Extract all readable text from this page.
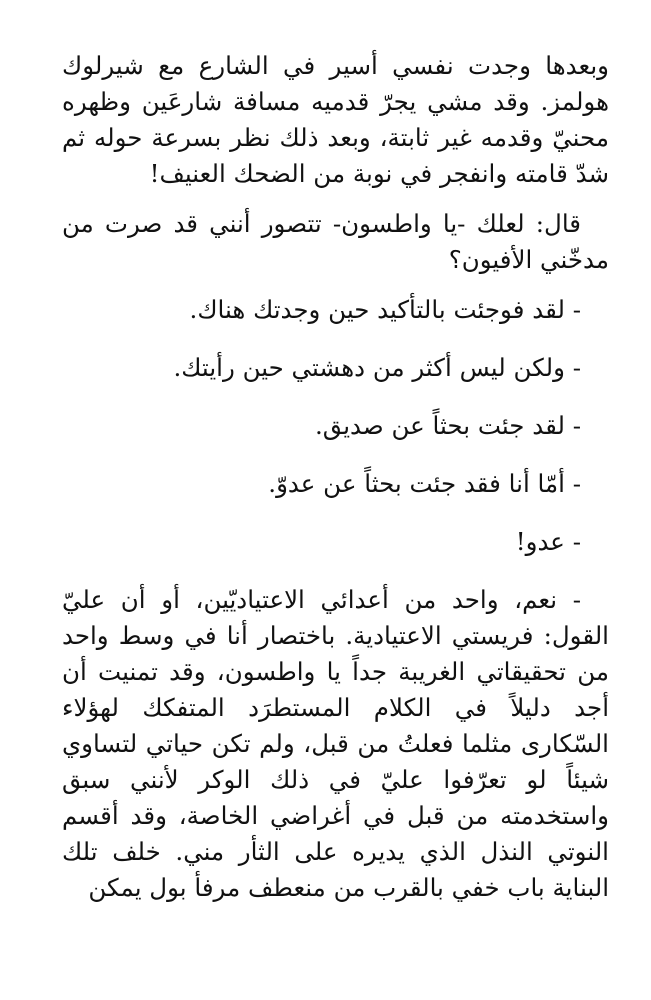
وبعدها وجدت نفسي أسير في الشارع مع شيرلوك هولمز. وقد مشي يجرّ قدميه مسافة شارعَين وظهره محنيّ وقدمه غير ثابتة، وبعد ذلك نظر بسرعة حوله ثم شدّ قامته وانفجر في نوبة من الضحك العنيف!

قال: لعلك -يا واطسون- تتصور أنني قد صرت من مدخّني الأفيون؟

- لقد فوجئت بالتأكيد حين وجدتك هناك.

- ولكن ليس أكثر من دهشتي حين رأيتك.

- لقد جئت بحثاً عن صديق.

- أمّا أنا فقد جئت بحثاً عن عدوّ.

- عدو!

- نعم، واحد من أعدائي الاعتياديّين، أو أن عليّ القول: فريستي الاعتيادية. باختصار أنا في وسط واحد من تحقيقاتي الغريبة جداً يا واطسون، وقد تمنيت أن أجد دليلاً في الكلام المستطرَد المتفكك لهؤلاء السّكارى مثلما فعلتُ من قبل، ولم تكن حياتي لتساوي شيئاً لو تعرّفوا عليّ في ذلك الوكر لأنني سبق واستخدمته من قبل في أغراضي الخاصة، وقد أقسم النوتي النذل الذي يديره على الثأر مني. خلف تلك البناية باب خفي بالقرب من منعطف مرفأ بول يمكن
